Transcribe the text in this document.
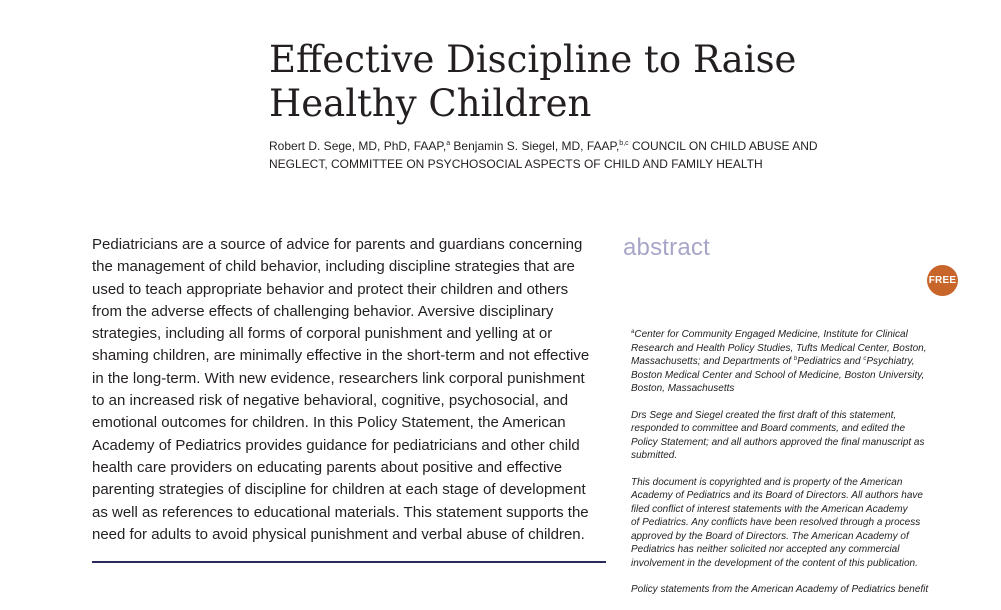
Effective Discipline to Raise
Healthy Children
Robert D. Sege, MD, PhD, FAAP,$^a$ Benjamin S. Siegel, MD, FAAP,$^{b,c}$ COUNCIL ON CHILD ABUSE AND
NEGLECT, COMMITTEE ON PSYCHOSOCIAL ASPECTS OF CHILD AND FAMILY HEALTH
Pediatricians are a source of advice for parents and guardians concerning
the management of child behavior, including discipline strategies that are
used to teach appropriate behavior and protect their children and others
from the adverse effects of challenging behavior. Aversive disciplinary
strategies, including all forms of corporal punishment and yelling at or
shaming children, are minimally effective in the short-term and not effective
in the long-term. With new evidence, researchers link corporal punishment
to an increased risk of negative behavioral, cognitive, psychosocial, and
emotional outcomes for children. In this Policy Statement, the American
Academy of Pediatrics provides guidance for pediatricians and other child
health care providers on educating parents about positive and effective
parenting strategies of discipline for children at each stage of development
as well as references to educational materials. This statement supports the
need for adults to avoid physical punishment and verbal abuse of children.
abstract
FREE
$^a$Center for Community Engaged Medicine, Institute for Clinical
Research and Health Policy Studies, Tufts Medical Center, Boston,
Massachusetts; and Departments of $^b$Pediatrics and $^c$Psychiatry,
Boston Medical Center and School of Medicine, Boston University,
Boston, Massachusetts
Drs Sege and Siegel created the first draft of this statement,
responded to committee and Board comments, and edited the
Policy Statement; and all authors approved the final manuscript as
submitted.
This document is copyrighted and is property of the American
Academy of Pediatrics and its Board of Directors. All authors have
filed conflict of interest statements with the American Academy
of Pediatrics. Any conflicts have been resolved through a process
approved by the Board of Directors. The American Academy of
Pediatrics has neither solicited nor accepted any commercial
involvement in the development of the content of this publication.
Policy statements from the American Academy of Pediatrics benefit
